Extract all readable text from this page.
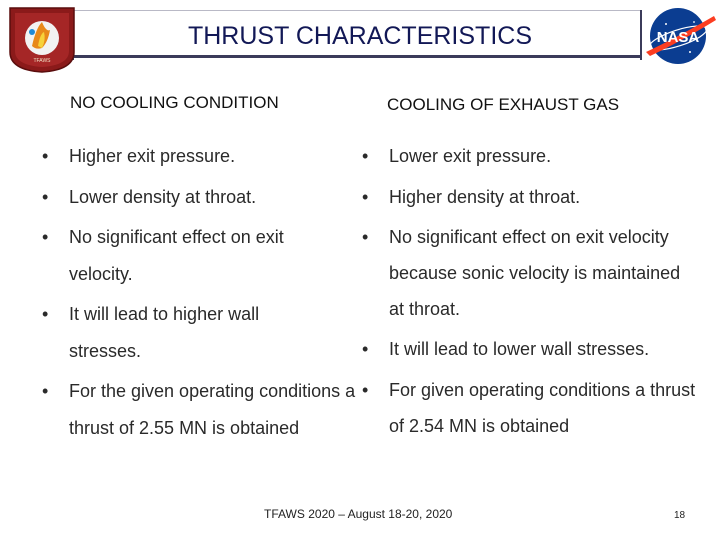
TFAWS
THRUST CHARACTERISTICS	NASA
NO COOLING CONDITION	COOLING OF EXHAUST GAS
• Higher exit pressure.
• Lower density at throat.
• No significant effect on exit velocity.
• It will lead to higher wall stresses.
• For the given operating conditions a thrust of 2.55 MN is obtained
• Lower exit pressure.
• Higher density at throat.
• No significant effect on exit velocity because sonic velocity is maintained at throat.
• It will lead to lower wall stresses.
• For given operating conditions a thrust of 2.54 MN is obtained
TFAWS 2020 – August 18-20, 2020	18
